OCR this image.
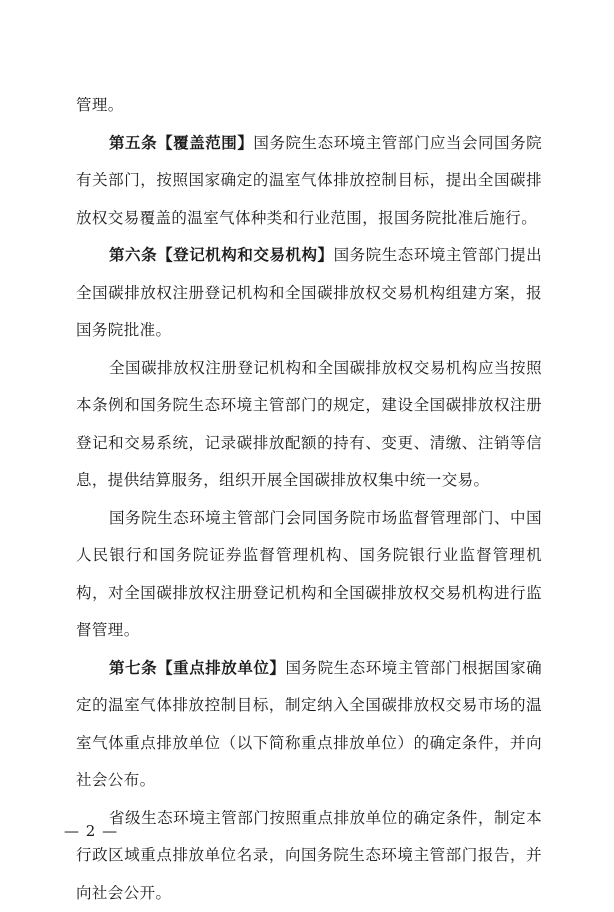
管理。

第五条【覆盖范围】国务院生态环境主管部门应当会同国务院有关部门，按照国家确定的温室气体排放控制目标，提出全国碳排放权交易覆盖的温室气体种类和行业范围，报国务院批准后施行。

第六条【登记机构和交易机构】国务院生态环境主管部门提出全国碳排放权注册登记机构和全国碳排放权交易机构组建方案，报国务院批准。

全国碳排放权注册登记机构和全国碳排放权交易机构应当按照本条例和国务院生态环境主管部门的规定，建设全国碳排放权注册登记和交易系统，记录碳排放配额的持有、变更、清缴、注销等信息，提供结算服务，组织开展全国碳排放权集中统一交易。

国务院生态环境主管部门会同国务院市场监督管理部门、中国人民银行和国务院证券监督管理机构、国务院银行业监督管理机构，对全国碳排放权注册登记机构和全国碳排放权交易机构进行监督管理。

第七条【重点排放单位】国务院生态环境主管部门根据国家确定的温室气体排放控制目标，制定纳入全国碳排放权交易市场的温室气体重点排放单位（以下简称重点排放单位）的确定条件，并向社会公布。

省级生态环境主管部门按照重点排放单位的确定条件，制定本行政区域重点排放单位名录，向国务院生态环境主管部门报告，并向社会公开。

— 2 —
